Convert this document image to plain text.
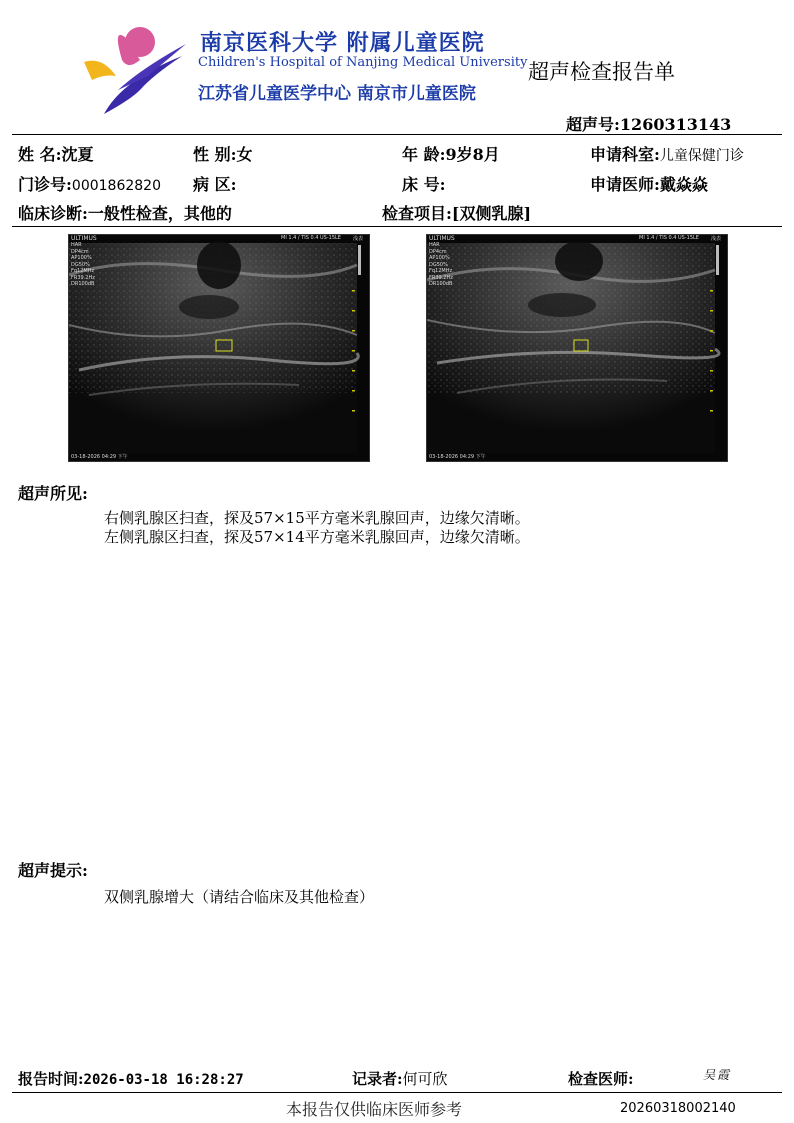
南京医科大学 附属儿童医院
Children's Hospital of Nanjing Medical University
江苏省儿童医学中心 南京市儿童医院
超声检查报告单
超声号:1260313143
姓 名:沈夏	性 别:女	年 龄:9岁8月	申请科室:儿童保健门诊
门诊号:0001862820 病 区:	床 号:	申请医师:戴焱焱
临床诊断:一般性检查，其他的	检查项目:[双侧乳腺]
ULTIMUS	MI 1.4 / TIS 0.4 US-15LE 浅表
HAR
DP4cm
AP100%
DG50%
Fq12MHz
FR39.2Hz
DR100dB
03-18-2026 04:29 下午
ULTIMUS	MI 1.4 / TIS 0.4 US-15LE 浅表
HAR
DP4cm
AP100%
DG50%
Fq12MHz
FR39.2Hz
DR100dB
03-18-2026 04:29 下午
超声所见:
右侧乳腺区扫查，探及57×15平方毫米乳腺回声，边缘欠清晰。
左侧乳腺区扫查，探及57×14平方毫米乳腺回声，边缘欠清晰。
超声提示:
双侧乳腺增大（请结合临床及其他检查）
报告时间:2026-03-18 16:28:27	记录者:何可欣	检查医师:	吴霞
本报告仅供临床医师参考	20260318002140
